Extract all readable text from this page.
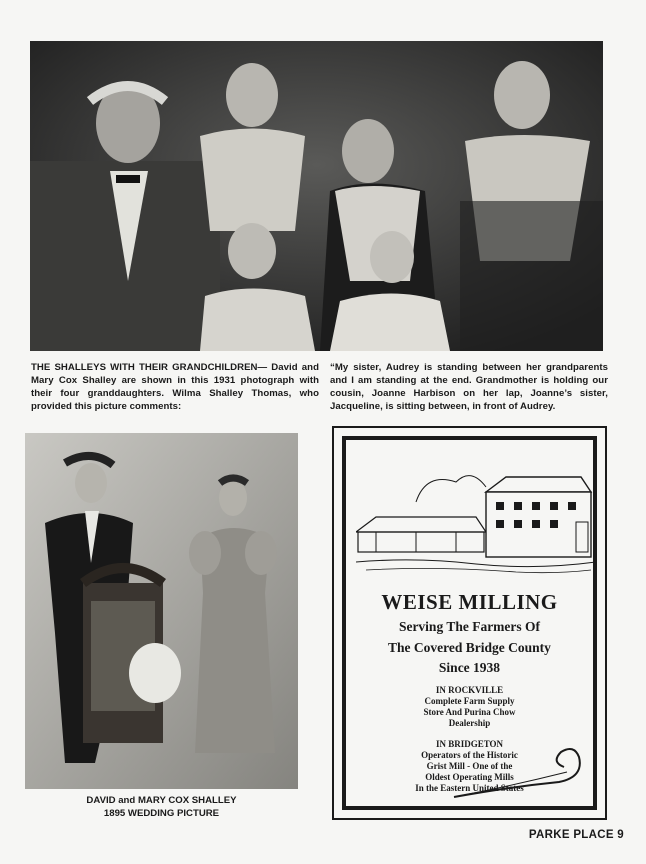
THE SHALLEYS WITH THEIR GRANDCHILDREN— David and Mary Cox Shalley are shown in this 1931 photograph with their four granddaughters. Wilma Shalley Thomas, who provided this picture comments:
“My sister, Audrey is standing between her grandparents and I am standing at the end. Grandmother is holding our cousin, Joanne Harbison on her lap, Joanne’s sister, Jacqueline, is sitting between, in front of Audrey.
DAVID and MARY COX SHALLEY
1895 WEDDING PICTURE
WEISE MILLING
Serving The Farmers Of
The Covered Bridge County
Since 1938
IN ROCKVILLE
Complete Farm Supply
Store And Purina Chow
Dealership
IN BRIDGETON
Operators of the Historic
Grist Mill - One of the
Oldest Operating Mills
In the Eastern United States
PARKE PLACE 9
